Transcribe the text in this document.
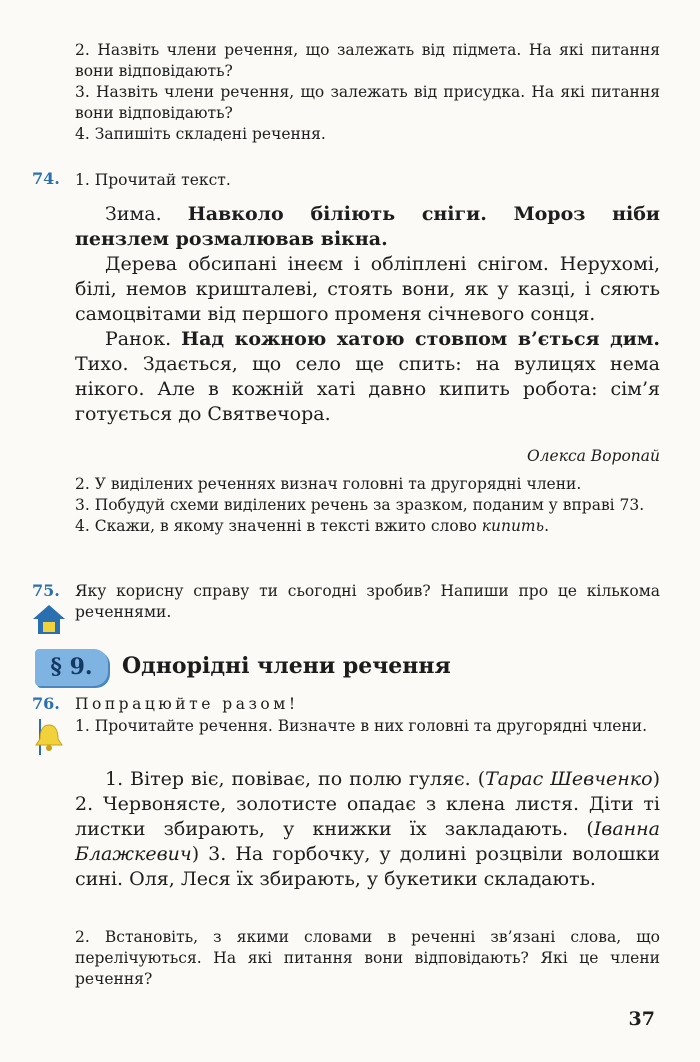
2. Назвіть члени речення, що залежать від підмета. На які питання вони відповідають?

3. Назвіть члени речення, що залежать від присудка. На які питання вони відповідають?

4. Запишіть складені речення.

74. 1. Прочитай текст.

Зима. Навколо біліють сніги. Мороз ніби пензлем розмалював вікна.

Дерева обсипані інеєм і обліплені снігом. Нерухомі, білі, немов кришталеві, стоять вони, як у казці, і сяють самоцвітами від першого променя січневого сонця.

Ранок. Над кожною хатою стовпом в’ється дим. Тихо. Здається, що село ще спить: на вулицях нема нікого. Але в кожній хаті давно кипить робота: сім’я готується до Святвечора.

Олекса Воропай

2. У виділених реченнях визнач головні та другорядні члени.

3. Побудуй схеми виділених речень за зразком, поданим у вправі 73.

4. Скажи, в якому значенні в тексті вжито слово кипить.

75. Яку корисну справу ти сьогодні зробив? Напиши про це кількома реченнями.
§ 9.	Однорідні члени речення
76. Попрацюйте разом!
1. Прочитайте речення. Визначте в них головні та другорядні члени.

1. Вітер віє, повіває, по полю гуляє. (Тарас Шевченко) 2. Червонясте, золотисте опадає з клена листя. Діти ті листки збирають, у книжки їх закладають. (Іванна Блажкевич) 3. На горбочку, у долині розцвіли волошки сині. Оля, Леся їх збирають, у букетики складають.

2. Встановіть, з якими словами в реченні зв’язані слова, що перелічуються. На які питання вони відповідають? Які це члени речення?
37
